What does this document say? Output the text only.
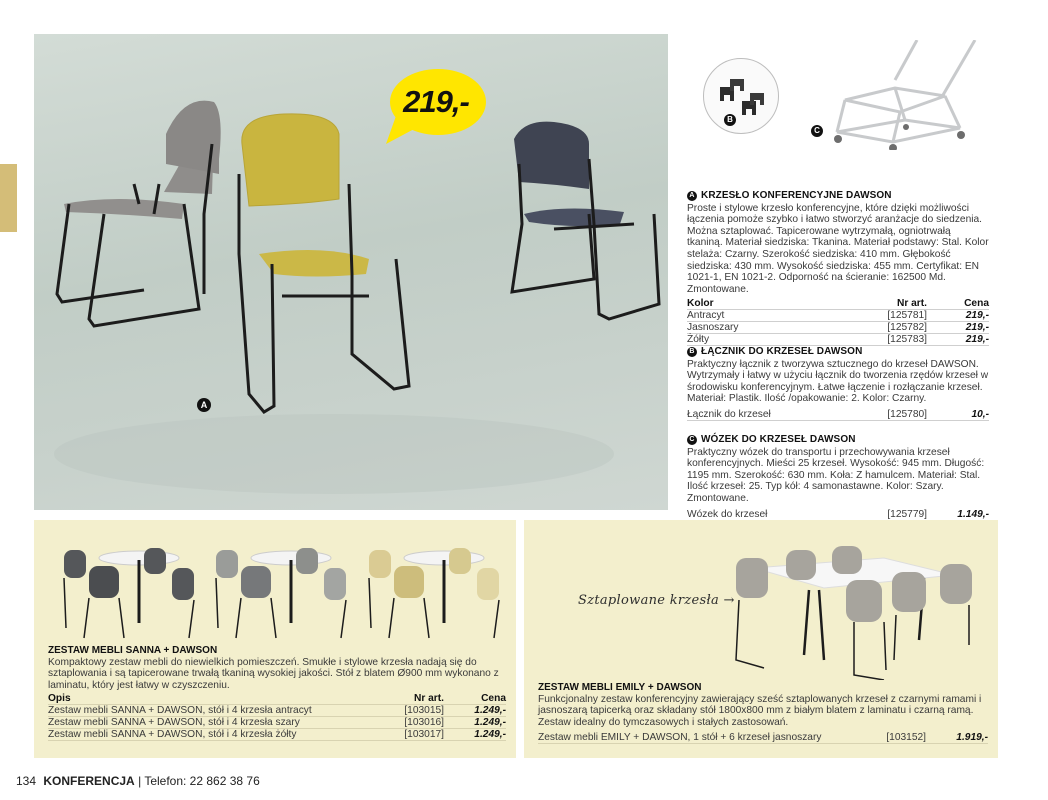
A
219,-
B
C
A KRZESŁO KONFERENCYJNE DAWSON

Proste i stylowe krzesło konferencyjne, które dzięki możliwości łączenia pomoże szybko i łatwo stworzyć aranżacje do siedzenia. Można sztaplować. Tapicerowane wytrzymałą, ogniotrwałą tkaniną. Materiał siedziska: Tkanina. Materiał podstawy: Stal. Kolor stelaża: Czarny. Szerokość siedziska: 410 mm. Głębokość siedziska: 430 mm. Wysokość siedziska: 455 mm. Certyfikat: EN 1021-1, EN 1021-2. Odporność na ścieranie: 162500 Md. Zmontowane.

Kolor	Nr art.	Cena
Antracyt	[125781]	219,-
Jasnoszary	[125782]	219,-
Żółty	[125783]	219,-
B ŁĄCZNIK DO KRZESEŁ DAWSON

Praktyczny łącznik z tworzywa sztucznego do krzeseł DAWSON. Wytrzymały i łatwy w użyciu łącznik do tworzenia rzędów krzeseł w środowisku konferencyjnym. Łatwe łączenie i rozłączanie krzeseł. Materiał: Plastik. Ilość /opakowanie: 2. Kolor: Czarny.

Łącznik do krzeseł	[125780]	10,-
C WÓZEK DO KRZESEŁ DAWSON

Praktyczny wózek do transportu i przechowywania krzeseł konferencyjnych. Mieści 25 krzeseł. Wysokość: 945 mm. Długość: 1195 mm. Szerokość: 630 mm. Koła: Z hamulcem. Materiał: Stal. Ilość krzeseł: 25. Typ kół: 4 samonastawne. Kolor: Szary. Zmontowane.

Wózek do krzeseł	[125779]	1.149,-
ZESTAW MEBLI SANNA + DAWSON

Kompaktowy zestaw mebli do niewielkich pomieszczeń. Smukłe i stylowe krzesła nadają się do sztaplowania i są tapicerowane trwałą tkaniną wysokiej jakości. Stół z blatem Ø900 mm wykonano z laminatu, który jest łatwy w czyszczeniu.

Opis	Nr art.	Cena
Zestaw mebli SANNA + DAWSON, stół i 4 krzesła antracyt	[103015]	1.249,-
Zestaw mebli SANNA + DAWSON, stół i 4 krzesła szary	[103016]	1.249,-
Zestaw mebli SANNA + DAWSON, stół i 4 krzesła żółty	[103017]	1.249,-
ZESTAW MEBLI EMILY + DAWSON

Funkcjonalny zestaw konferencyjny zawierający sześć sztaplowanych krzeseł z czarnymi ramami i jasnoszarą tapicerką oraz składany stół 1800x800 mm z białym blatem z laminatu i czarną ramą. Zestaw idealny do tymczasowych i stałych zastosowań.

Zestaw mebli EMILY + DAWSON, 1 stół + 6 krzeseł jasnoszary	[103152]	1.919,-
Sztaplowane krzesła →
134 KONFERENCJA | Telefon: 22 862 38 76
